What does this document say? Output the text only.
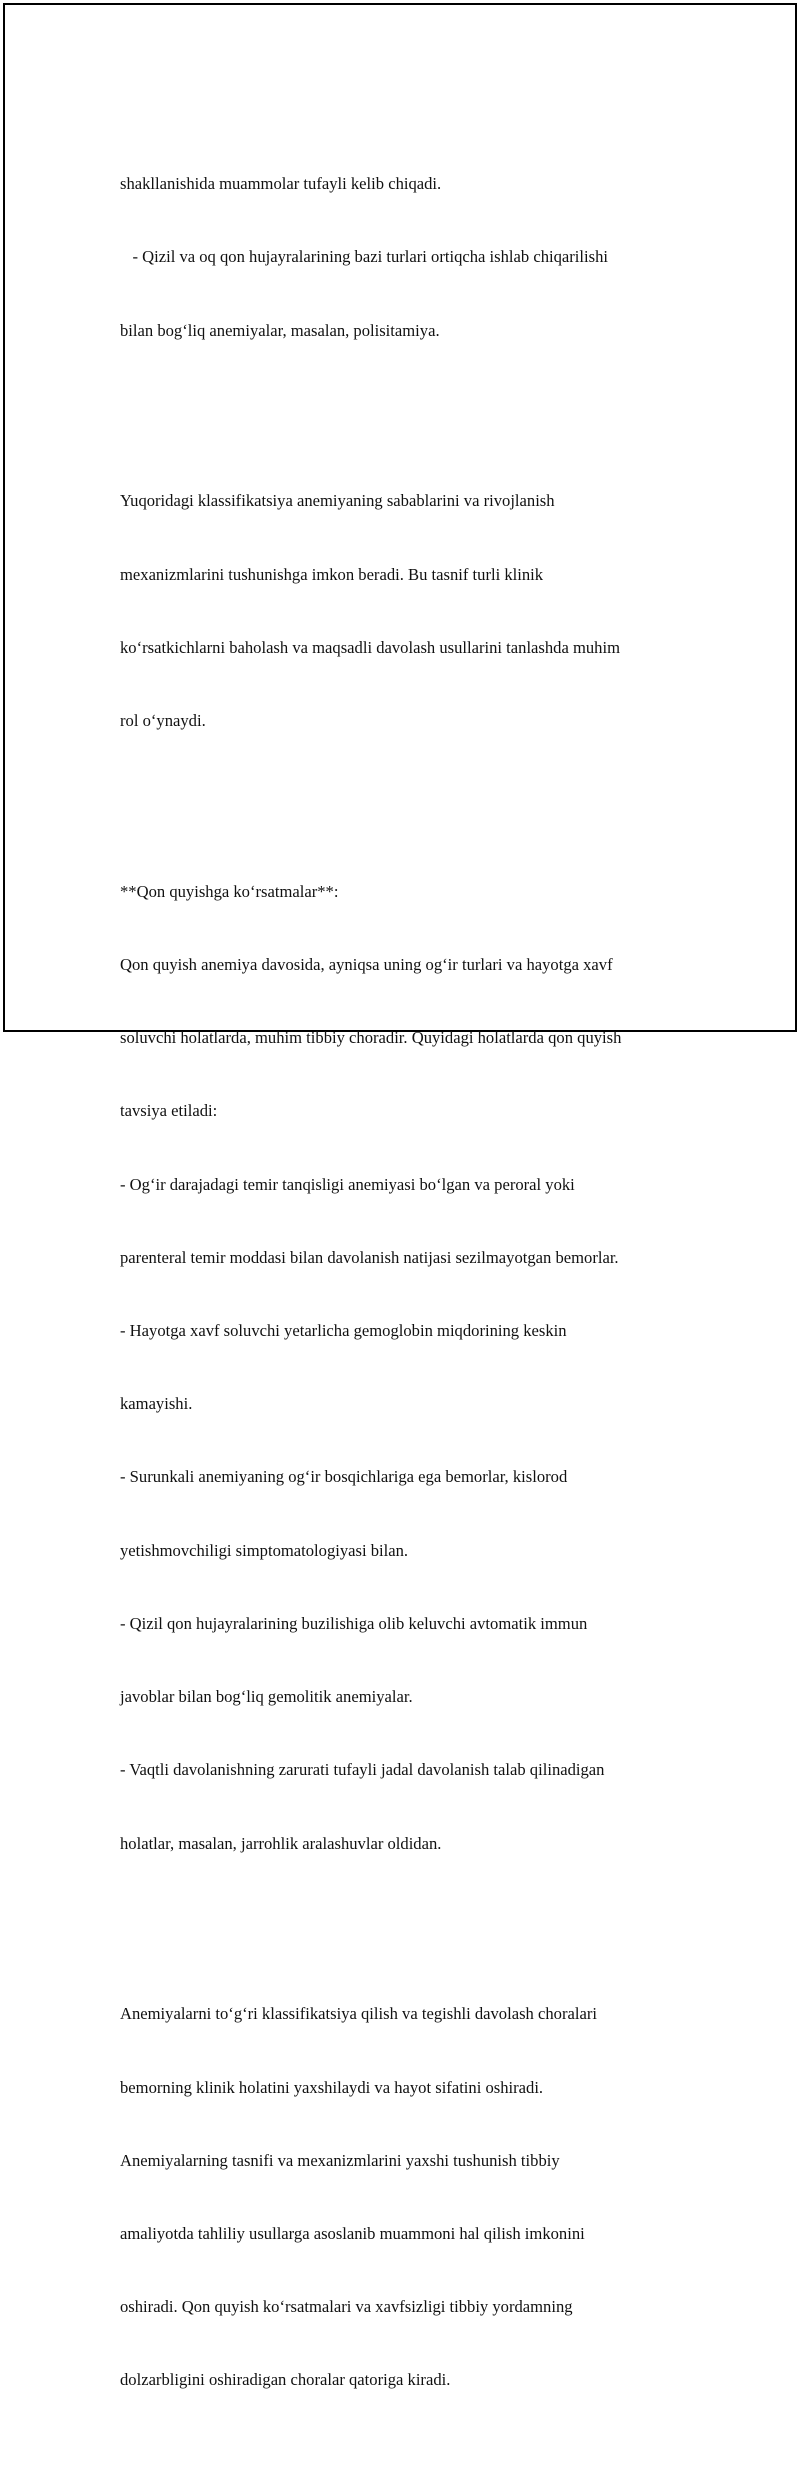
shakllanishida muammolar tufayli kelib chiqadi.

- Qizil va oq qon hujayralarining bazi turlari ortiqcha ishlab chiqarilishi

bilan bogʻliq anemiyalar, masalan, polisitamiya.

Yuqoridagi klassifikatsiya anemiyaning sabablarini va rivojlanish

mexanizmlarini tushunishga imkon beradi. Bu tasnif turli klinik

koʻrsatkichlarni baholash va maqsadli davolash usullarini tanlashda muhim

rol oʻynaydi.

**Qon quyishga koʻrsatmalar**:

Qon quyish anemiya davosida, ayniqsa uning ogʻir turlari va hayotga xavf

soluvchi holatlarda, muhim tibbiy choradir. Quyidagi holatlarda qon quyish

tavsiya etiladi:

- Ogʻir darajadagi temir tanqisligi anemiyasi boʻlgan va peroral yoki

parenteral temir moddasi bilan davolanish natijasi sezilmayotgan bemorlar.

- Hayotga xavf soluvchi yetarlicha gemoglobin miqdorining keskin

kamayishi.

- Surunkali anemiyaning ogʻir bosqichlariga ega bemorlar, kislorod

yetishmovchiligi simptomatologiyasi bilan.

- Qizil qon hujayralarining buzilishiga olib keluvchi avtomatik immun

javoblar bilan bogʻliq gemolitik anemiyalar.

- Vaqtli davolanishning zarurati tufayli jadal davolanish talab qilinadigan

holatlar, masalan, jarrohlik aralashuvlar oldidan.

Anemiyalarni toʻgʻri klassifikatsiya qilish va tegishli davolash choralari

bemorning klinik holatini yaxshilaydi va hayot sifatini oshiradi.

Anemiyalarning tasnifi va mexanizmlarini yaxshi tushunish tibbiy

amaliyotda tahliliy usullarga asoslanib muammoni hal qilish imkonini

oshiradi. Qon quyish koʻrsatmalari va xavfsizligi tibbiy yordamning

dolzarbligini oshiradigan choralar qatoriga kiradi.
